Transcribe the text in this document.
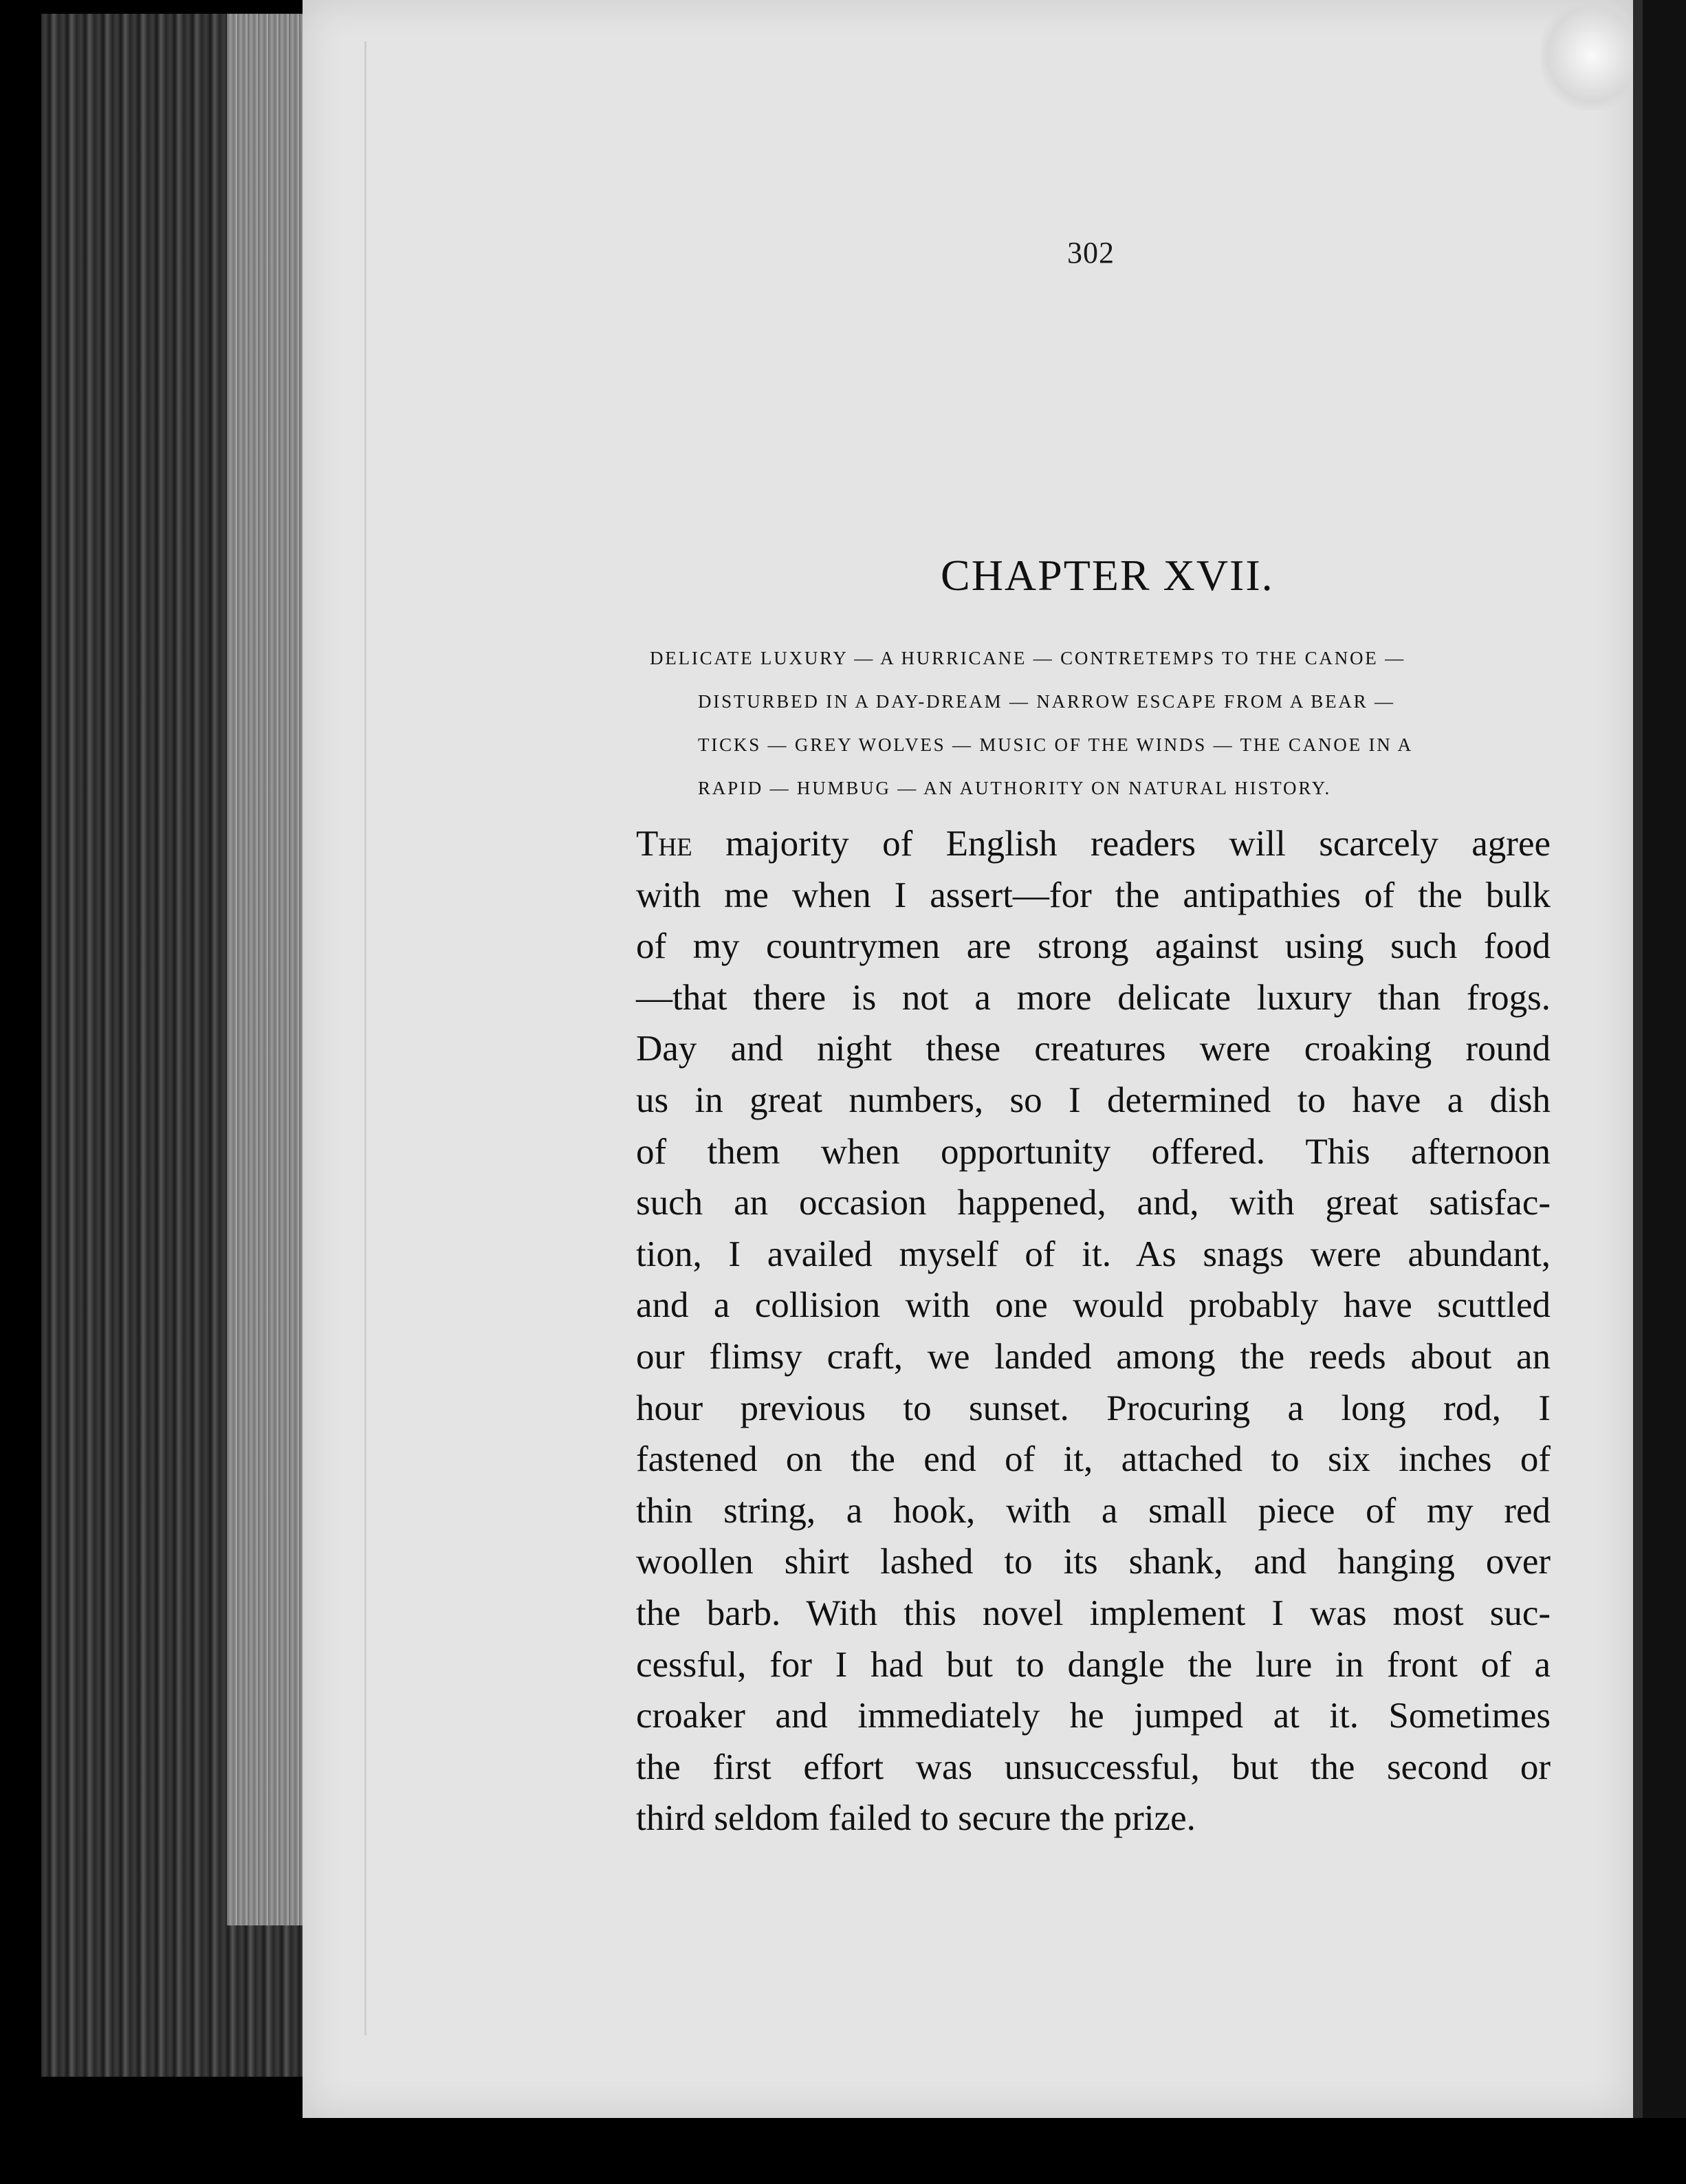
302
CHAPTER XVII.
DELICATE LUXURY — A HURRICANE — CONTRETEMPS TO THE CANOE —
DISTURBED IN A DAY-DREAM — NARROW ESCAPE FROM A BEAR —
TICKS — GREY WOLVES — MUSIC OF THE WINDS — THE CANOE IN A
RAPID — HUMBUG — AN AUTHORITY ON NATURAL HISTORY.
The majority of English readers will scarcely agree
with me when I assert—for the antipathies of the bulk
of my countrymen are strong against using such food
—that there is not a more delicate luxury than frogs.
Day and night these creatures were croaking round
us in great numbers, so I determined to have a dish
of them when opportunity offered. This afternoon
such an occasion happened, and, with great satisfac-
tion, I availed myself of it. As snags were abundant,
and a collision with one would probably have scuttled
our flimsy craft, we landed among the reeds about an
hour previous to sunset. Procuring a long rod, I
fastened on the end of it, attached to six inches of
thin string, a hook, with a small piece of my red
woollen shirt lashed to its shank, and hanging over
the barb. With this novel implement I was most suc-
cessful, for I had but to dangle the lure in front of a
croaker and immediately he jumped at it. Sometimes
the first effort was unsuccessful, but the second or
third seldom failed to secure the prize.
